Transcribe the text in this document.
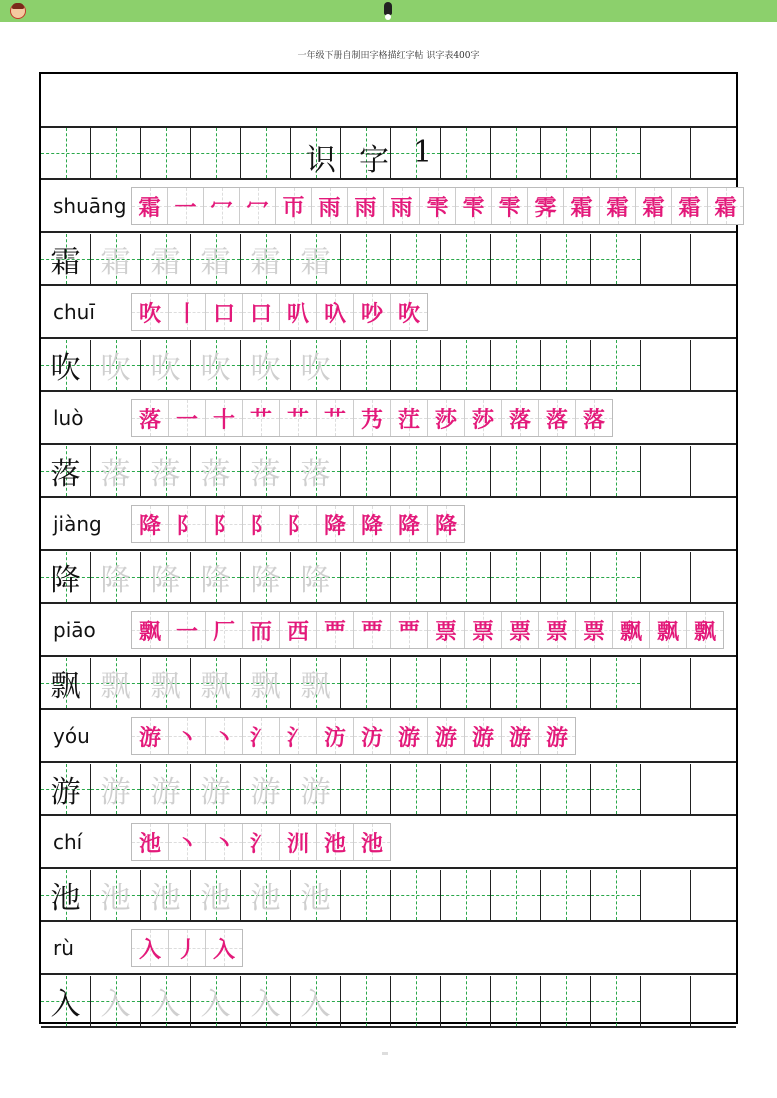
一年级下册自制田字格描红字帖 识字表400字
识 字 1
shuāng 霜 一 冖 冖 帀 雨 雨 雨 雫 雫 雫 霁 霜 霜 霜 霜 霜
霜 霜 霜 霜 霜 霜
chuī 吹 丨 口 口 叭 叺 吵 吹
吹 吹 吹 吹 吹 吹
luò	落 一 十 艹 艹 艹 艿 茳 莎 莎 落 落 落
落 落 落 落 落 落
jiàng 降 阝 阝 阝 阝 降 降 降 降
降 降 降 降 降 降
piāo 飘 一 厂 而 西 覀 覀 覀 票 票 票 票 票 飘 飘 飘
飘 飘 飘 飘 飘 飘
yóu 游 丶 丶 氵 氵 汸 汸 游 游 游 游 游
游 游 游 游 游 游
chí	池 丶 丶 氵 汌 池 池
池 池 池 池 池 池
rù	入 丿 入
入 入 入 入 入 入
